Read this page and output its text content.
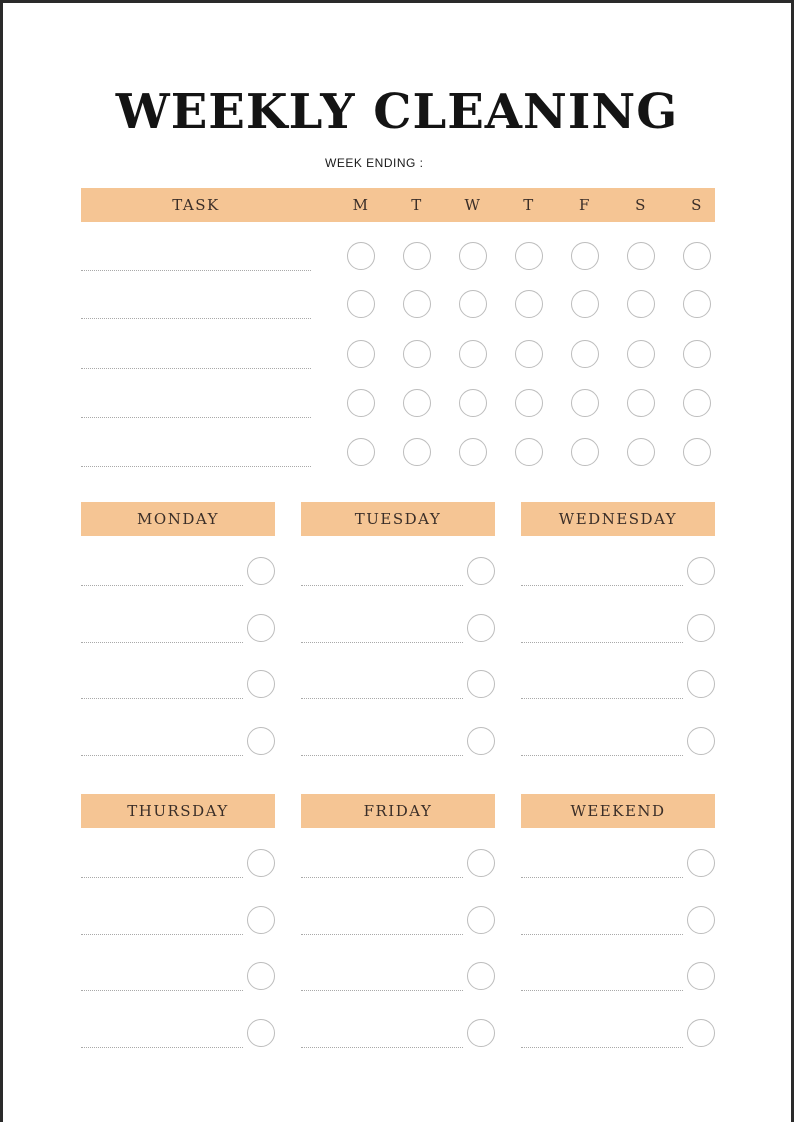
WEEKLY CLEANING
WEEK ENDING :
TASK	M	T	W	T	F	S	S
MONDAY	TUESDAY	WEDNESDAY
THURSDAY	FRIDAY	WEEKEND
